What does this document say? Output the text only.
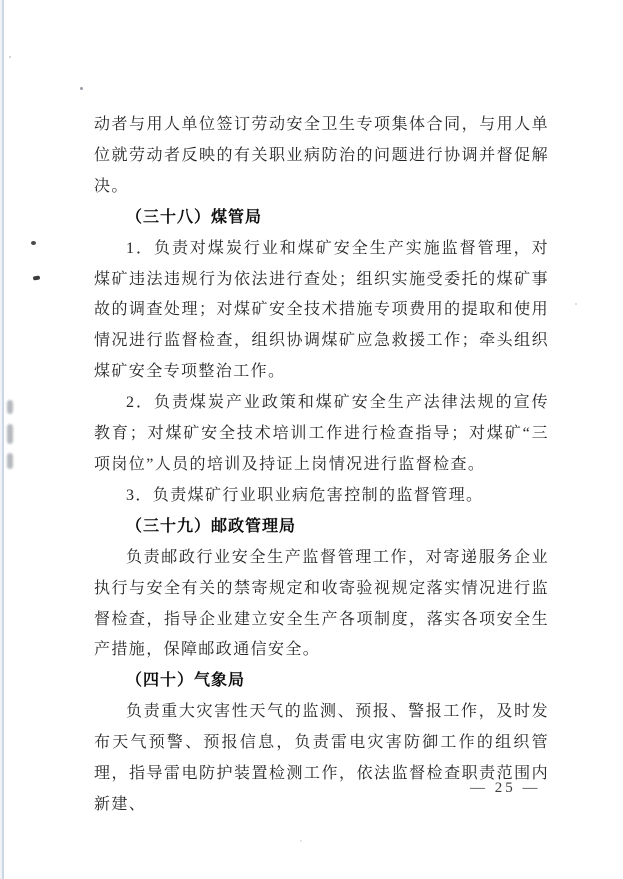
动者与用人单位签订劳动安全卫生专项集体合同，与用人单位就劳动者反映的有关职业病防治的问题进行协调并督促解决。

（三十八）煤管局

1．负责对煤炭行业和煤矿安全生产实施监督管理，对煤矿违法违规行为依法进行查处；组织实施受委托的煤矿事故的调查处理；对煤矿安全技术措施专项费用的提取和使用情况进行监督检查，组织协调煤矿应急救援工作；牵头组织煤矿安全专项整治工作。

2．负责煤炭产业政策和煤矿安全生产法律法规的宣传教育；对煤矿安全技术培训工作进行检查指导；对煤矿“三项岗位”人员的培训及持证上岗情况进行监督检查。

3．负责煤矿行业职业病危害控制的监督管理。

（三十九）邮政管理局

负责邮政行业安全生产监督管理工作，对寄递服务企业执行与安全有关的禁寄规定和收寄验视规定落实情况进行监督检查，指导企业建立安全生产各项制度，落实各项安全生产措施，保障邮政通信安全。

（四十）气象局

负责重大灾害性天气的监测、预报、警报工作，及时发布天气预警、预报信息，负责雷电灾害防御工作的组织管理，指导雷电防护装置检测工作，依法监督检查职责范围内新建、

— 25 —
